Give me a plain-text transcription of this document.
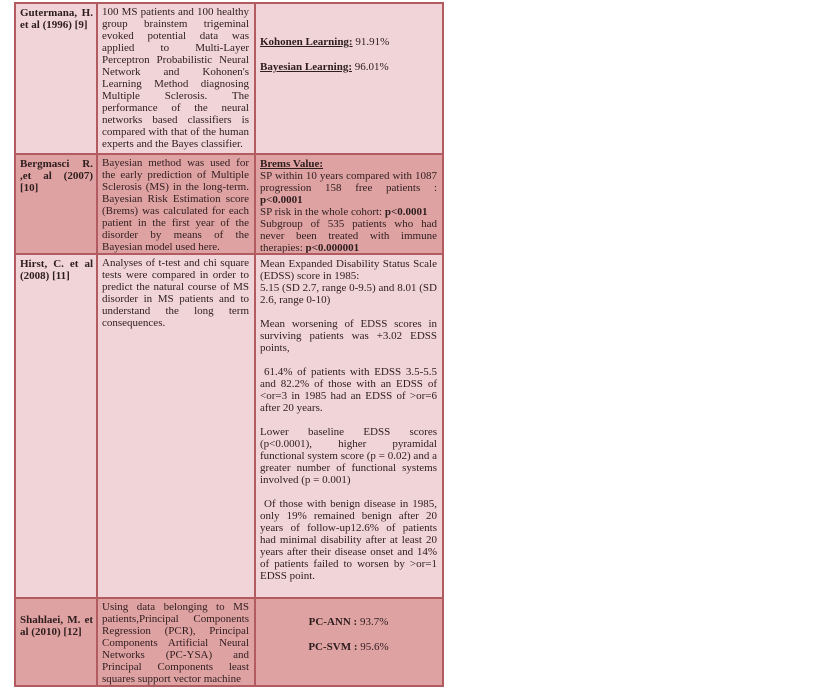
Gutermana, H. et al (1996) [9]
100 MS patients and 100 healthy group brainstem trigeminal evoked potential data was applied to Multi-Layer Perceptron Probabilistic Neural Network and Kohonen's Learning Method diagnosing Multiple Sclerosis. The performance of the neural networks based classifiers is compared with that of the human experts and the Bayes classifier.
Kohonen Learning: 91.91%
Bayesian Learning: 96.01%
Bergmasci R. ,et al (2007) [10]
Bayesian method was used for the early prediction of Multiple Sclerosis (MS) in the long-term. Bayesian Risk Estimation score (Brems) was calculated for each patient in the first year of the disorder by means of the Bayesian model used here.
Brems Value:
SP within 10 years compared with 1087 progression 158 free patients : p<0.0001
SP risk in the whole cohort: p<0.0001
Subgroup of 535 patients who had never been treated with immune therapies: p<0.000001
Hirst, C. et al (2008) [11]
Analyses of t-test and chi square tests were compared in order to predict the natural course of MS disorder in MS patients and to understand the long term consequences.
Mean Expanded Disability Status Scale (EDSS) score in 1985:
5.15 (SD 2.7, range 0-9.5) and 8.01 (SD 2.6, range 0-10)
Mean worsening of EDSS scores in surviving patients was +3.02 EDSS points,
61.4% of patients with EDSS 3.5-5.5 and 82.2% of those with an EDSS of <or=3 in 1985 had an EDSS of >or=6 after 20 years.
Lower baseline EDSS scores (p<0.0001), higher pyramidal functional system score (p = 0.02) and a greater number of functional systems involved (p = 0.001)
Of those with benign disease in 1985, only 19% remained benign after 20 years of follow-up12.6% of patients had minimal disability after at least 20 years after their disease onset and 14% of patients failed to worsen by >or=1 EDSS point.
Shahlaei, M. et al (2010) [12]
Using data belonging to MS patients,Principal Components Regression (PCR), Principal Components Artificial Neural Networks (PC-YSA) and Principal Components least squares support vector machine
PC-ANN : 93.7%
PC-SVM : 95.6%
